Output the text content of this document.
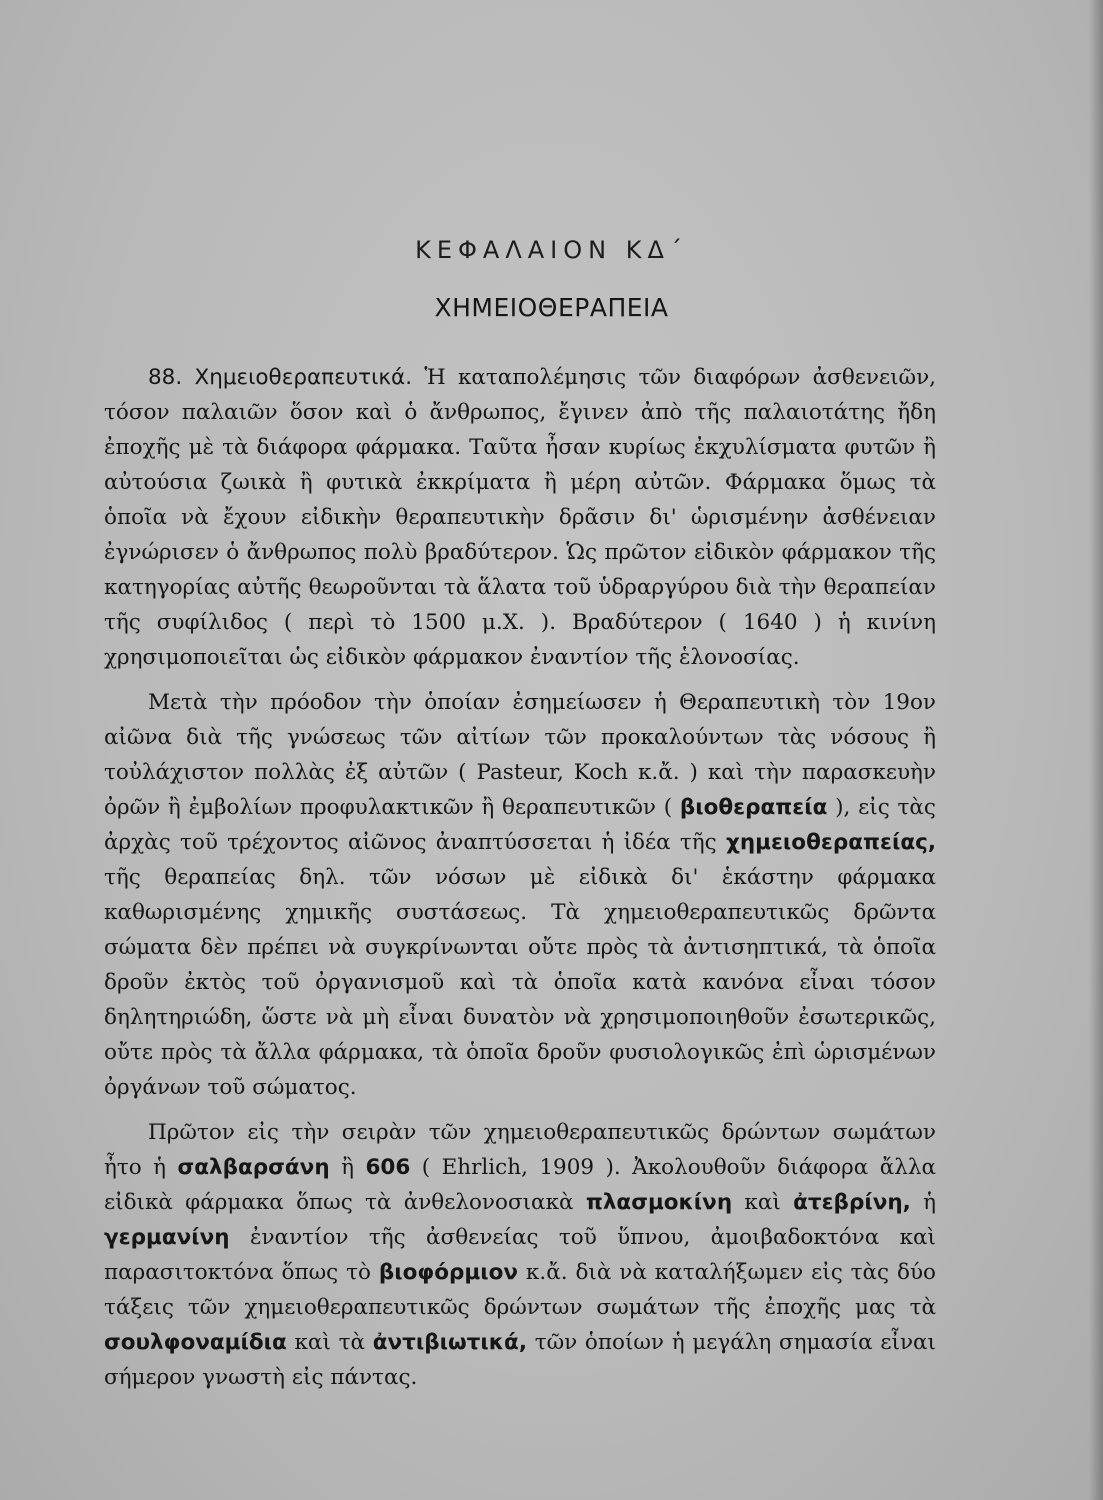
ΚΕΦΑΛΑΙΟΝ ΚΔ΄
ΧΗΜΕΙΟΘΕΡΑΠΕΙΑ

88. Χημειοθεραπευτικά. Ἡ καταπολέμησις τῶν διαφόρων ἀσθενειῶν, τόσον παλαιῶν ὅσον καὶ ὁ ἄνθρωπος, ἔγινεν ἀπὸ τῆς παλαιοτάτης ἤδη ἐποχῆς μὲ τὰ διάφορα φάρμακα. Ταῦτα ἦσαν κυρίως ἐκχυλίσματα φυτῶν ἢ αὐτούσια ζωικὰ ἢ φυτικὰ ἐκκρίματα ἢ μέρη αὐτῶν. Φάρμακα ὅμως τὰ ὁποῖα νὰ ἔχουν εἰδικὴν θεραπευτικὴν δρᾶσιν δι' ὡρισμένην ἀσθένειαν ἐγνώρισεν ὁ ἄνθρωπος πολὺ βραδύτερον. Ὡς πρῶτον εἰδικὸν φάρμακον τῆς κατηγορίας αὐτῆς θεωροῦνται τὰ ἅλατα τοῦ ὑδραργύρου διὰ τὴν θεραπείαν τῆς συφίλιδος ( περὶ τὸ 1500 μ.Χ. ). Βραδύτερον ( 1640 ) ἡ κινίνη χρησιμοποιεῖται ὡς εἰδικὸν φάρμακον ἐναντίον τῆς ἑλονοσίας.

Μετὰ τὴν πρόοδον τὴν ὁποίαν ἐσημείωσεν ἡ Θεραπευτικὴ τὸν 19ον αἰῶνα διὰ τῆς γνώσεως τῶν αἰτίων τῶν προκαλούντων τὰς νόσους ἢ τοὐλάχιστον πολλὰς ἐξ αὐτῶν ( Pasteur, Koch κ.ἄ. ) καὶ τὴν παρασκευὴν ὀρῶν ἢ ἐμβολίων προφυλακτικῶν ἢ θεραπευτικῶν ( βιοθεραπεία ), εἰς τὰς ἀρχὰς τοῦ τρέχοντος αἰῶνος ἀναπτύσσεται ἡ ἰδέα τῆς χημειοθεραπείας, τῆς θεραπείας δηλ. τῶν νόσων μὲ εἰδικὰ δι' ἑκάστην φάρμακα καθωρισμένης χημικῆς συστάσεως. Τὰ χημειοθεραπευτικῶς δρῶντα σώματα δὲν πρέπει νὰ συγκρίνωνται οὔτε πρὸς τὰ ἀντισηπτικά, τὰ ὁποῖα δροῦν ἐκτὸς τοῦ ὀργανισμοῦ καὶ τὰ ὁποῖα κατὰ κανόνα εἶναι τόσον δηλητηριώδη, ὥστε νὰ μὴ εἶναι δυνατὸν νὰ χρησιμοποιηθοῦν ἐσωτερικῶς, οὔτε πρὸς τὰ ἄλλα φάρμακα, τὰ ὁποῖα δροῦν φυσιολογικῶς ἐπὶ ὡρισμένων ὀργάνων τοῦ σώματος.

Πρῶτον εἰς τὴν σειρὰν τῶν χημειοθεραπευτικῶς δρώντων σωμάτων ἦτο ἡ σαλβαρσάνη ἢ 606 ( Ehrlich, 1909 ). Ἀκολουθοῦν διάφορα ἄλλα εἰδικὰ φάρμακα ὅπως τὰ ἀνθελονοσιακὰ πλασμοκίνη καὶ ἀτεβρίνη, ἡ γερμανίνη ἐναντίον τῆς ἀσθενείας τοῦ ὕπνου, ἀμοιβαδοκτόνα καὶ παρασιτοκτόνα ὅπως τὸ βιοφόρμιον κ.ἄ. διὰ νὰ καταλήξωμεν εἰς τὰς δύο τάξεις τῶν χημειοθεραπευτικῶς δρώντων σωμάτων τῆς ἐποχῆς μας τὰ σουλφοναμίδια καὶ τὰ ἀντιβιωτικά, τῶν ὁποίων ἡ μεγάλη σημασία εἶναι σήμερον γνωστὴ εἰς πάντας.
